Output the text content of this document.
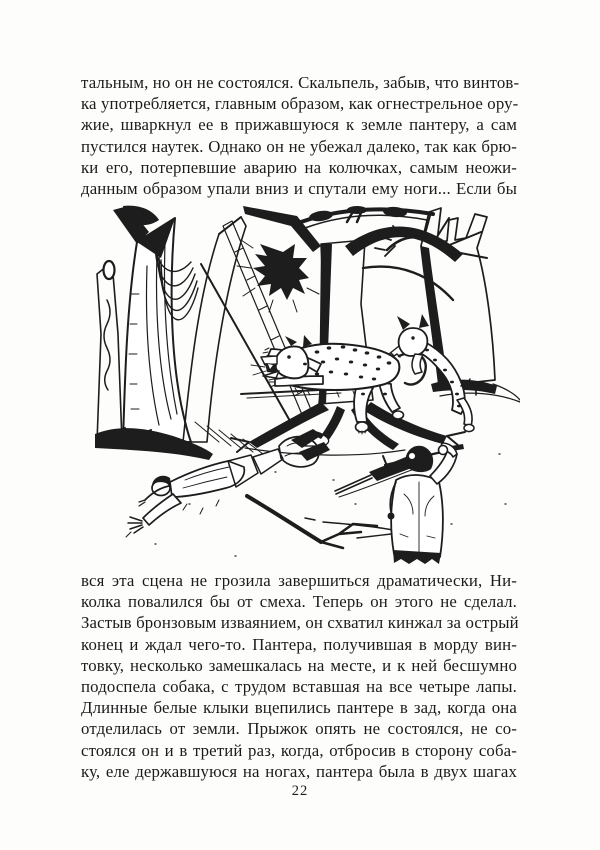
тальным, но он не состоялся. Скальпель, забыв, что винтов-
ка употребляется, главным образом, как огнестрельное ору-
жие, шваркнул ее в прижавшуюся к земле пантеру, а сам
пустился наутек. Однако он не убежал далеко, так как брю-
ки его, потерпевшие аварию на колючках, самым неожи-
данным образом упали вниз и спутали ему ноги... Если бы
вся эта сцена не грозила завершиться драматически, Ни-
колка повалился бы от смеха. Теперь он этого не сделал.
Застыв бронзовым изваянием, он схватил кинжал за острый
конец и ждал чего-то. Пантера, получившая в морду вин-
товку, несколько замешкалась на месте, и к ней бесшумно
подоспела собака, с трудом вставшая на все четыре лапы.
Длинные белые клыки вцепились пантере в зад, когда она
отделилась от земли. Прыжок опять не состоялся, не со-
стоялся он и в третий раз, когда, отбросив в сторону соба-
ку, еле державшуюся на ногах, пантера была в двух шагах
22
